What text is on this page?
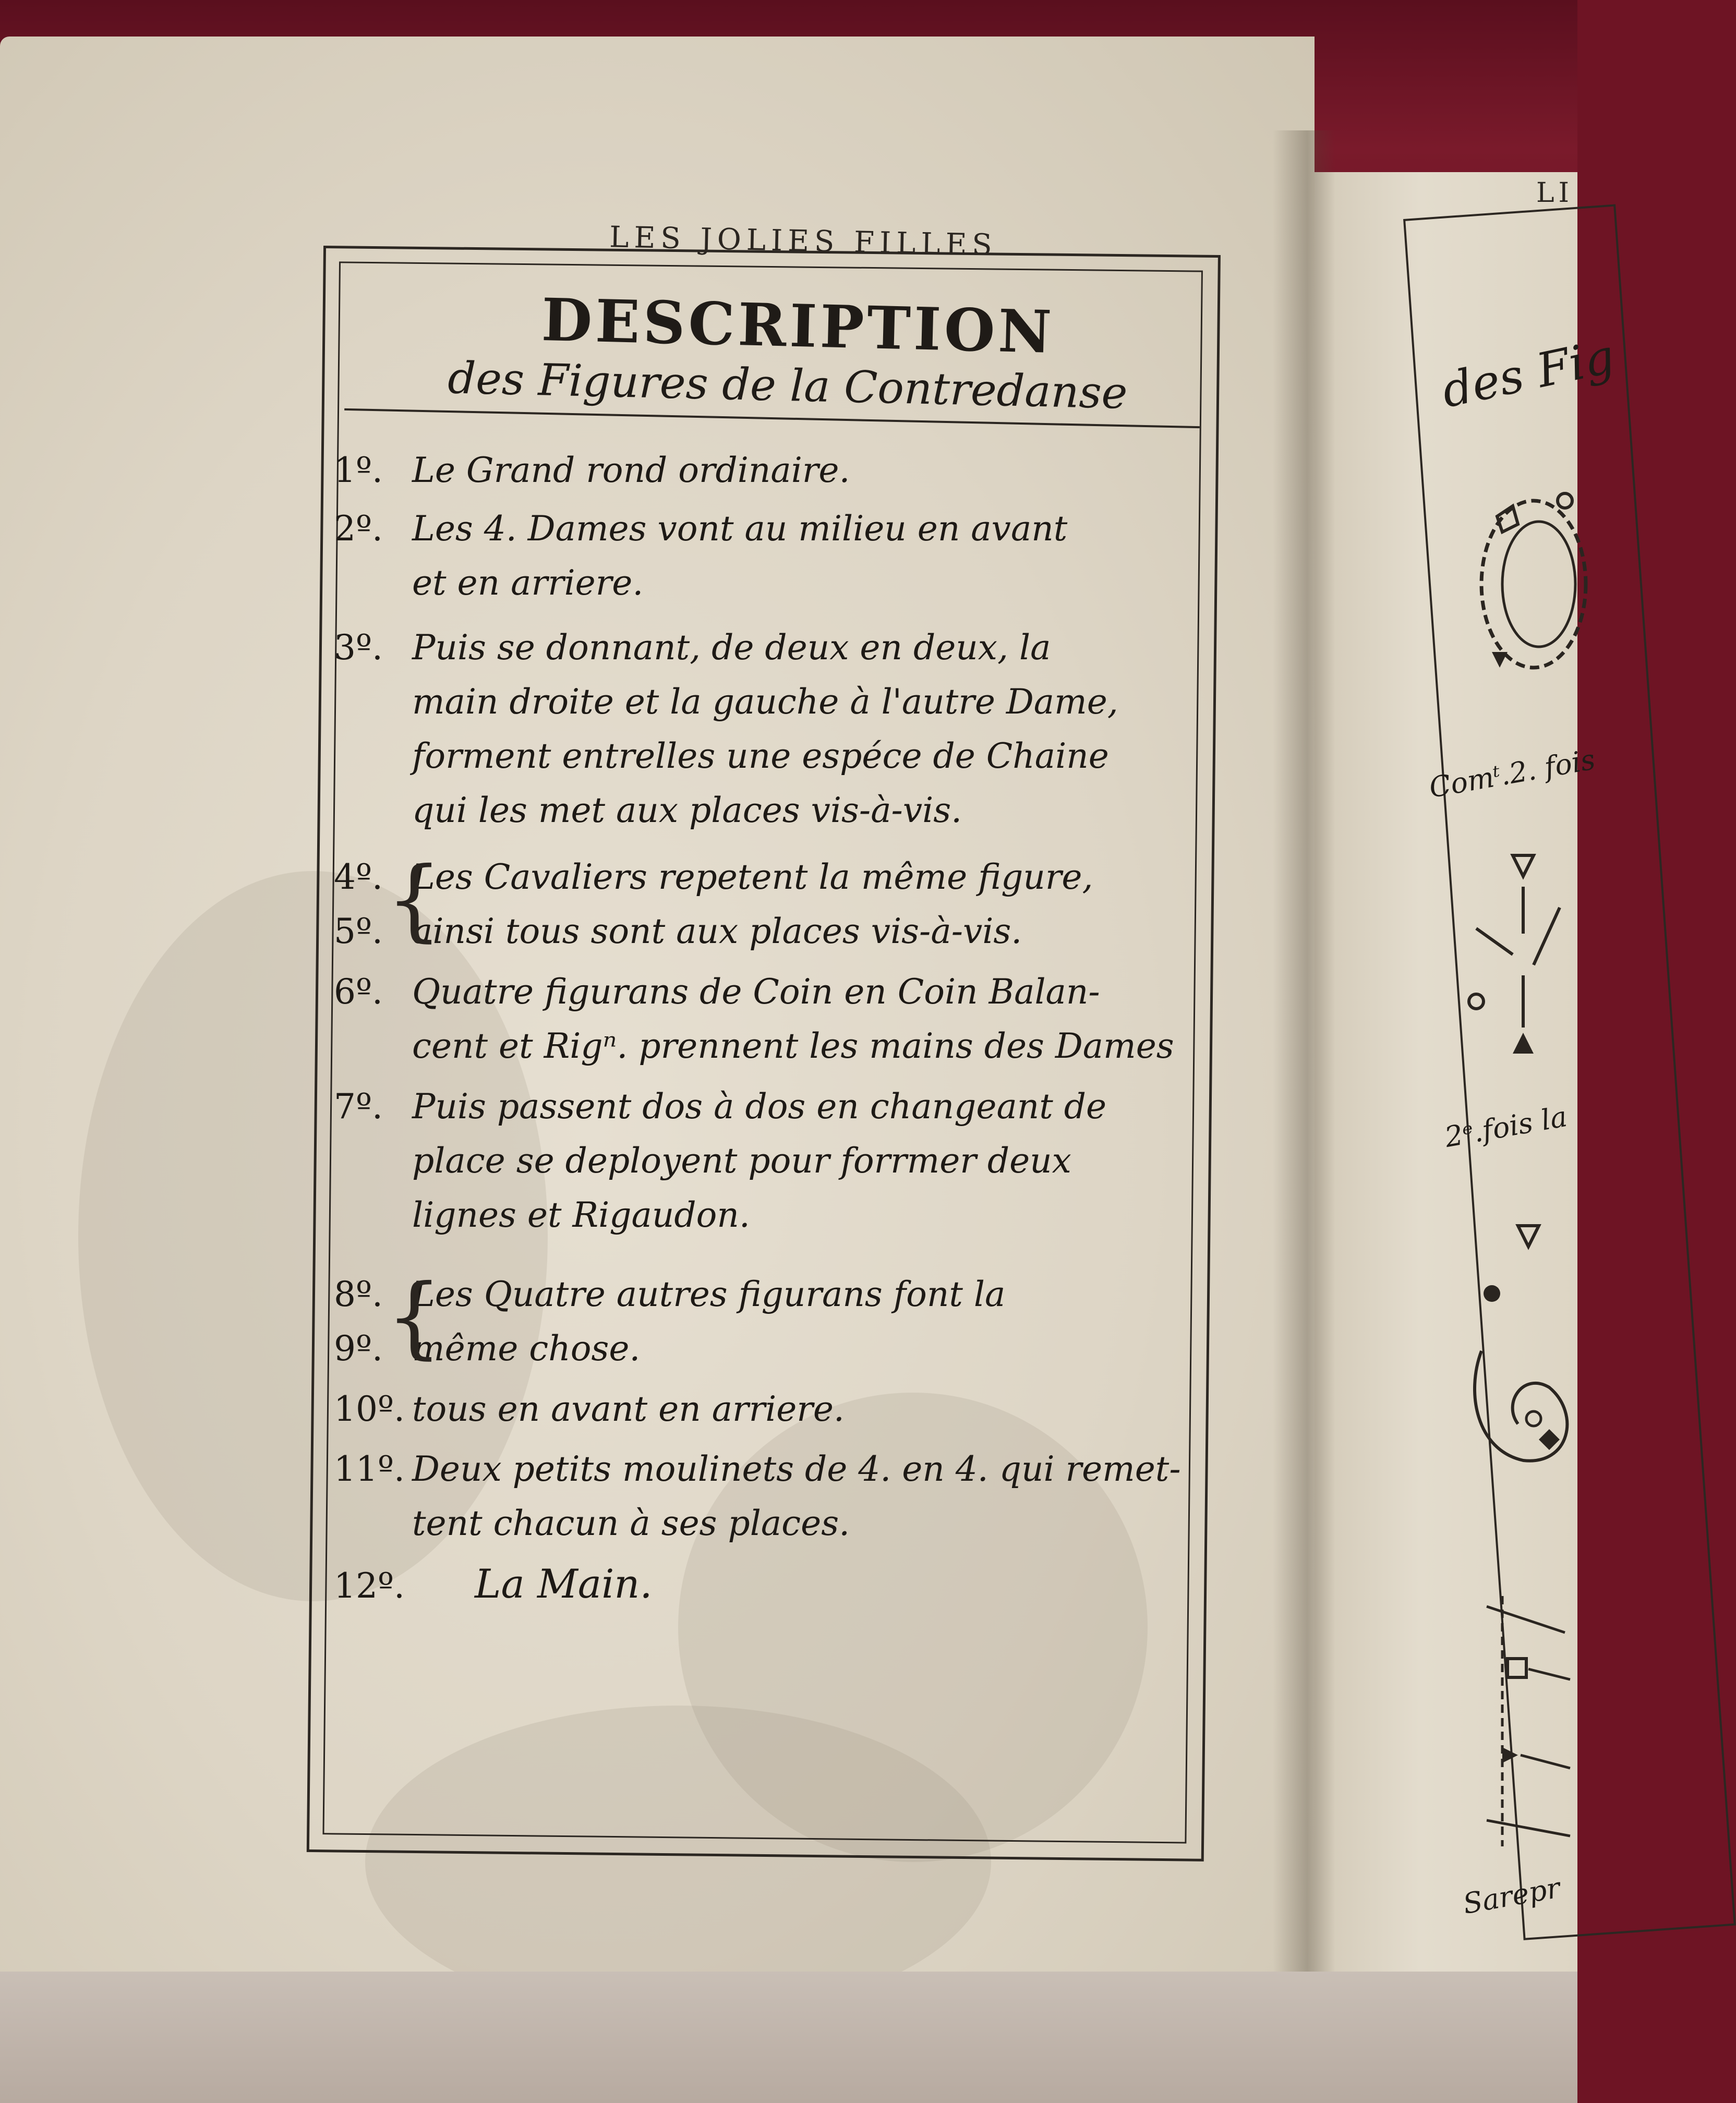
LI
des Fig
Comᵗ.2. fois
2ᵉ.fois la
Sarepr
LES JOLIES FILLES
DESCRIPTION
des Figures de la Contredanse
1º. Le Grand rond ordinaire.
2º. Les 4. Dames vont au milieu en avant
et en arriere.
3º. Puis se donnant, de deux en deux, la
main droite et la gauche à l'autre Dame,
forment entrelles une espéce de Chaine
qui les met aux places vis-à-vis.
4º. Les Cavaliers repetent la même figure,
5º. ainsi tous sont aux places vis-à-vis.
{
6º. Quatre figurans de Coin en Coin Balan-
cent et Rigⁿ. prennent les mains des Dames
7º. Puis passent dos à dos en changeant de
place se deployent pour forrmer deux
lignes et Rigaudon.
8º. Les Quatre autres figurans font la
9º. même chose.
{
10º. tous en avant en arriere.
11º. Deux petits moulinets de 4. en 4. qui remet-
tent chacun à ses places.
12º. La Main.
